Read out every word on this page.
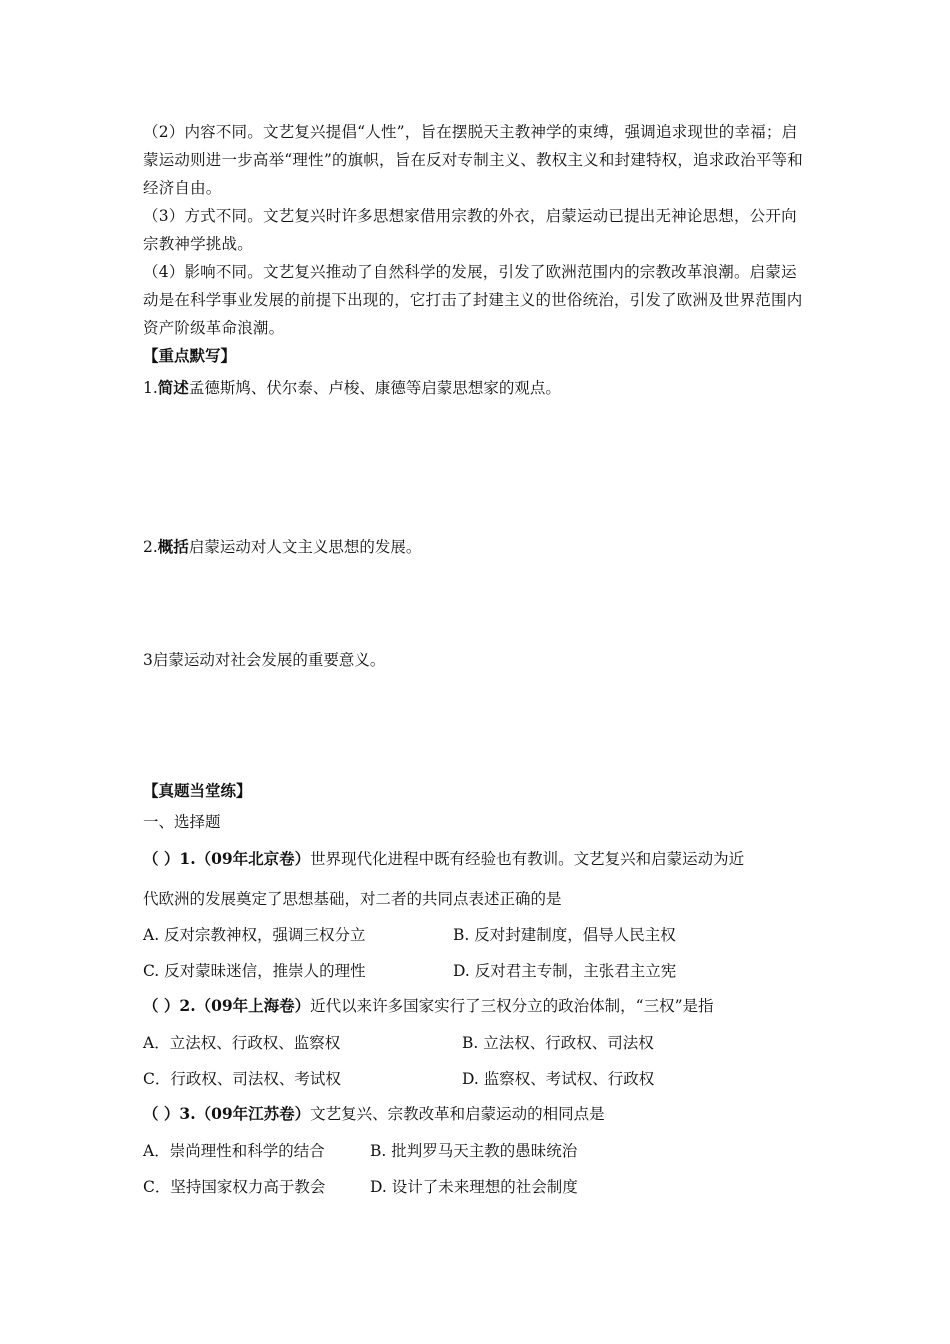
（2）内容不同。文艺复兴提倡“人性”，旨在摆脱天主教神学的束缚，强调追求现世的幸福；启蒙运动则进一步高举“理性”的旗帜，旨在反对专制主义、教权主义和封建特权，追求政治平等和经济自由。
（3）方式不同。文艺复兴时许多思想家借用宗教的外衣，启蒙运动已提出无神论思想，公开向宗教神学挑战。
（4）影响不同。文艺复兴推动了自然科学的发展，引发了欧洲范围内的宗教改革浪潮。启蒙运动是在科学事业发展的前提下出现的，它打击了封建主义的世俗统治，引发了欧洲及世界范围内资产阶级革命浪潮。
【重点默写】
1.简述孟德斯鸠、伏尔泰、卢梭、康德等启蒙思想家的观点。
2.概括启蒙运动对人文主义思想的发展。
3启蒙运动对社会发展的重要意义。
【真题当堂练】
一、选择题
（ ）1.（09年北京卷）世界现代化进程中既有经验也有教训。文艺复兴和启蒙运动为近
代欧洲的发展奠定了思想基础，对二者的共同点表述正确的是
A. 反对宗教神权，强调三权分立	B. 反对封建制度，倡导人民主权
C. 反对蒙昧迷信，推崇人的理性	D. 反对君主专制，主张君主立宪
（ ）2.（09年上海卷）近代以来许多国家实行了三权分立的政治体制，“三权”是指
A．立法权、行政权、监察权	B. 立法权、行政权、司法权
C．行政权、司法权、考试权	D. 监察权、考试权、行政权
（ ）3.（09年江苏卷）文艺复兴、宗教改革和启蒙运动的相同点是
A．崇尚理性和科学的结合	B. 批判罗马天主教的愚昧统治
C．坚持国家权力高于教会	D. 设计了未来理想的社会制度
